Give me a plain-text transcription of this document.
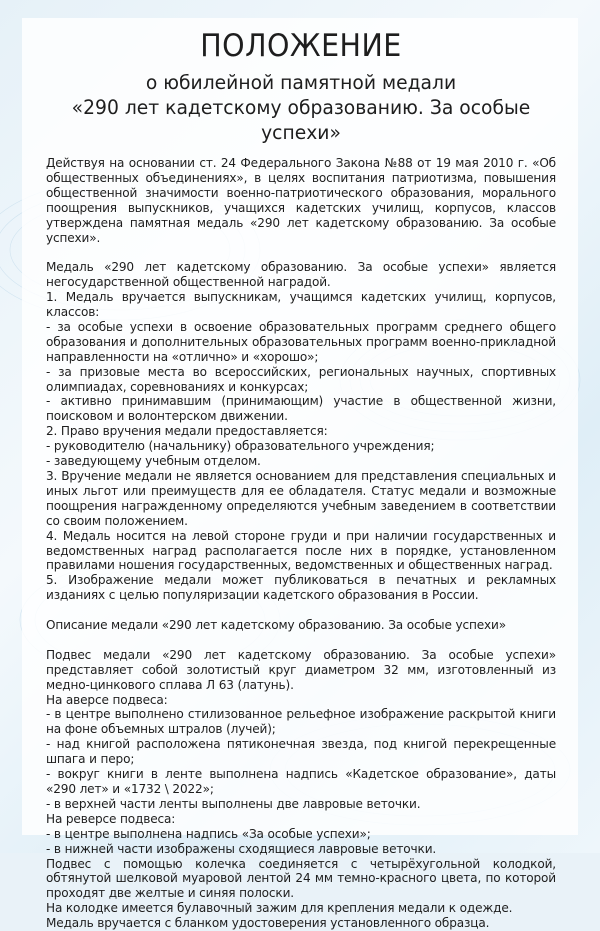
ПОЛОЖЕНИЕ
о юбилейной памятной медали
«290 лет кадетскому образованию. За особые успехи»

Действуя на основании ст. 24 Федерального Закона №88 от 19 мая 2010 г. «Об общественных объединениях», в целях воспитания патриотизма, повышения общественной значимости военно-патриотического образования, морального поощрения выпускников, учащихся кадетских училищ, корпусов, классов утверждена памятная медаль «290 лет кадетскому образованию. За особые успехи».

Медаль «290 лет кадетскому образованию. За особые успехи» является негосударственной общественной наградой.

1. Медаль вручается выпускникам, учащимся кадетских училищ, корпусов, классов:

- за особые успехи в освоение образовательных программ среднего общего образования и дополнительных образовательных программ военно-прикладной направленности на «отлично» и «хорошо»;

- за призовые места во всероссийских, региональных научных, спортивных олимпиадах, соревнованиях и конкурсах;

- активно принимавшим (принимающим) участие в общественной жизни, поисковом и волонтерском движении.

2. Право вручения медали предоставляется:

- руководителю (начальнику) образовательного учреждения;

- заведующему учебным отделом.

3. Вручение медали не является основанием для представления специальных и иных льгот или преимуществ для ее обладателя. Статус медали и возможные поощрения награжденному определяются учебным заведением в соответствии со своим положением.

4. Медаль носится на левой стороне груди и при наличии государственных и ведомственных наград располагается после них в порядке, установленном правилами ношения государственных, ведомственных и общественных наград.

5. Изображение медали может публиковаться в печатных и рекламных изданиях с целью популяризации кадетского образования в России.

Описание медали «290 лет кадетскому образованию. За особые успехи»

Подвес медали «290 лет кадетскому образованию. За особые успехи» представляет собой золотистый круг диаметром 32 мм, изготовленный из медно-цинкового сплава Л 63 (латунь).

На аверсе подвеса:

- в центре выполнено стилизованное рельефное изображение раскрытой книги на фоне объемных штралов (лучей);

- над книгой расположена пятиконечная звезда, под книгой перекрещенные шпага и перо;

- вокруг книги в ленте выполнена надпись «Кадетское образование», даты «290 лет» и «1732 \ 2022»;

- в верхней части ленты выполнены две лавровые веточки.

На реверсе подвеса:

- в центре выполнена надпись «За особые успехи»;

- в нижней части изображены сходящиеся лавровые веточки.

Подвес с помощью колечка соединяется с четырёхугольной колодкой, обтянутой шелковой муаровой лентой 24 мм темно-красного цвета, по которой проходят две желтые и синяя полоски.

На колодке имеется булавочный зажим для крепления медали к одежде.

Медаль вручается с бланком удостоверения установленного образца.
